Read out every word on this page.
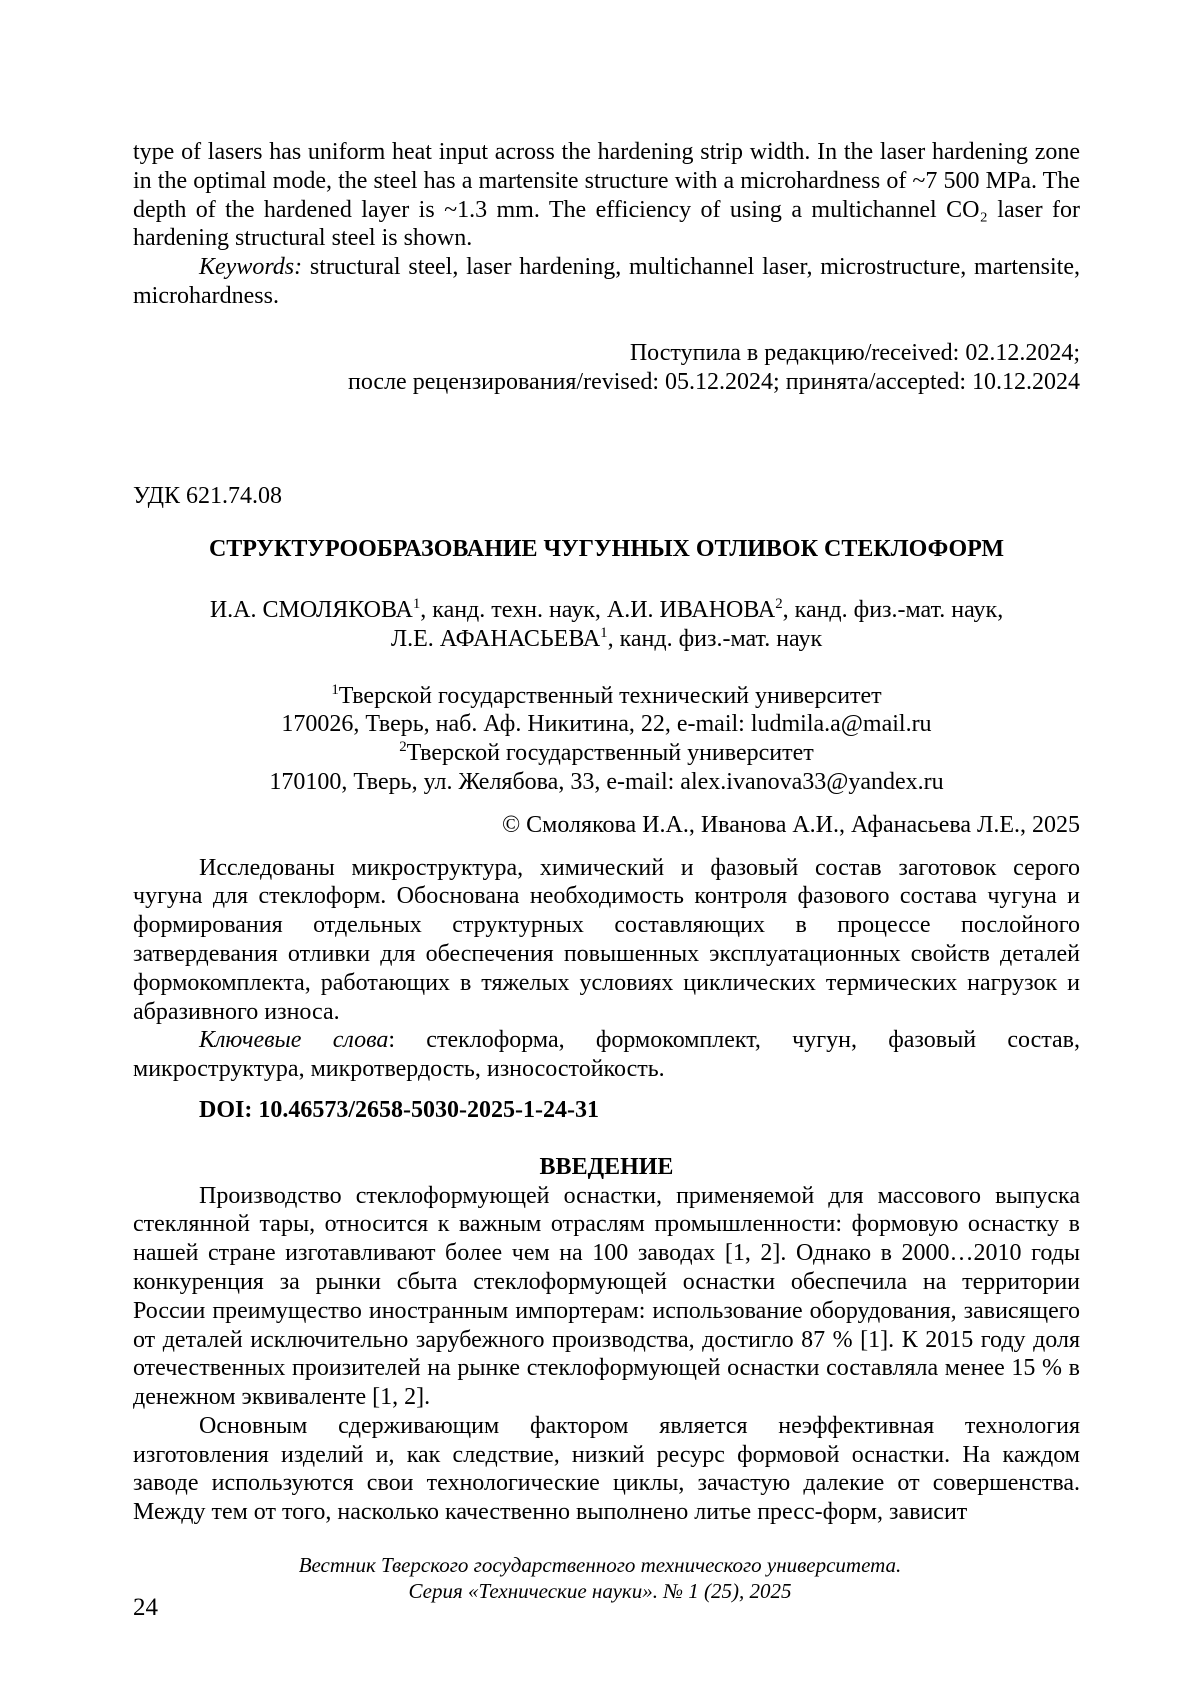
type of lasers has uniform heat input across the hardening strip width. In the laser hardening zone in the optimal mode, the steel has a martensite structure with a microhardness of ~7 500 MPa. The depth of the hardened layer is ~1.3 mm. The efficiency of using a multichannel CO₂ laser for hardening structural steel is shown.

Keywords: structural steel, laser hardening, multichannel laser, microstructure, martensite, microhardness.

Поступила в редакцию/received: 02.12.2024;
после рецензирования/revised: 05.12.2024; принята/accepted: 10.12.2024
УДК 621.74.08
СТРУКТУРООБРАЗОВАНИЕ ЧУГУННЫХ ОТЛИВОК СТЕКЛОФОРМ
И.А. СМОЛЯКОВА$^1$, канд. техн. наук, А.И. ИВАНОВА$^2$, канд. физ.-мат. наук,
Л.Е. АФАНАСЬЕВА$^1$, канд. физ.-мат. наук
$^1$Тверской государственный технический университет
170026, Тверь, наб. Аф. Никитина, 22, e-mail: ludmila.a@mail.ru
$^2$Тверской государственный университет
170100, Тверь, ул. Желябова, 33, e-mail: alex.ivanova33@yandex.ru
© Смолякова И.А., Иванова А.И., Афанасьева Л.Е., 2025

Исследованы микроструктура, химический и фазовый состав заготовок серого чугуна для стеклоформ. Обоснована необходимость контроля фазового состава чугуна и формирования отдельных структурных составляющих в процессе послойного затвердевания отливки для обеспечения повышенных эксплуатационных свойств деталей формокомплекта, работающих в тяжелых условиях циклических термических нагрузок и абразивного износа.

Ключевые слова: стеклоформа, формокомплект, чугун, фазовый состав, микроструктура, микротвердость, износостойкость.

DOI: 10.46573/2658-5030-2025-1-24-31
ВВЕДЕНИЕ

Производство стеклоформующей оснастки, применяемой для массового выпуска стеклянной тары, относится к важным отраслям промышленности: формовую оснастку в нашей стране изготавливают более чем на 100 заводах [1, 2]. Однако в 2000…2010 годы конкуренция за рынки сбыта стеклоформующей оснастки обеспечила на территории России преимущество иностранным импортерам: использование оборудования, зависящего от деталей исключительно зарубежного производства, достигло 87 % [1]. К 2015 году доля отечественных произителей на рынке стеклоформующей оснастки составляла менее 15 % в денежном эквиваленте [1, 2].

Основным сдерживающим фактором является неэффективная технология изготовления изделий и, как следствие, низкий ресурс формовой оснастки. На каждом заводе используются свои технологические циклы, зачастую далекие от совершенства. Между тем от того, насколько качественно выполнено литье пресс-форм, зависит

Вестник Тверского государственного технического университета.
Серия «Технические науки». № 1 (25), 2025
24
